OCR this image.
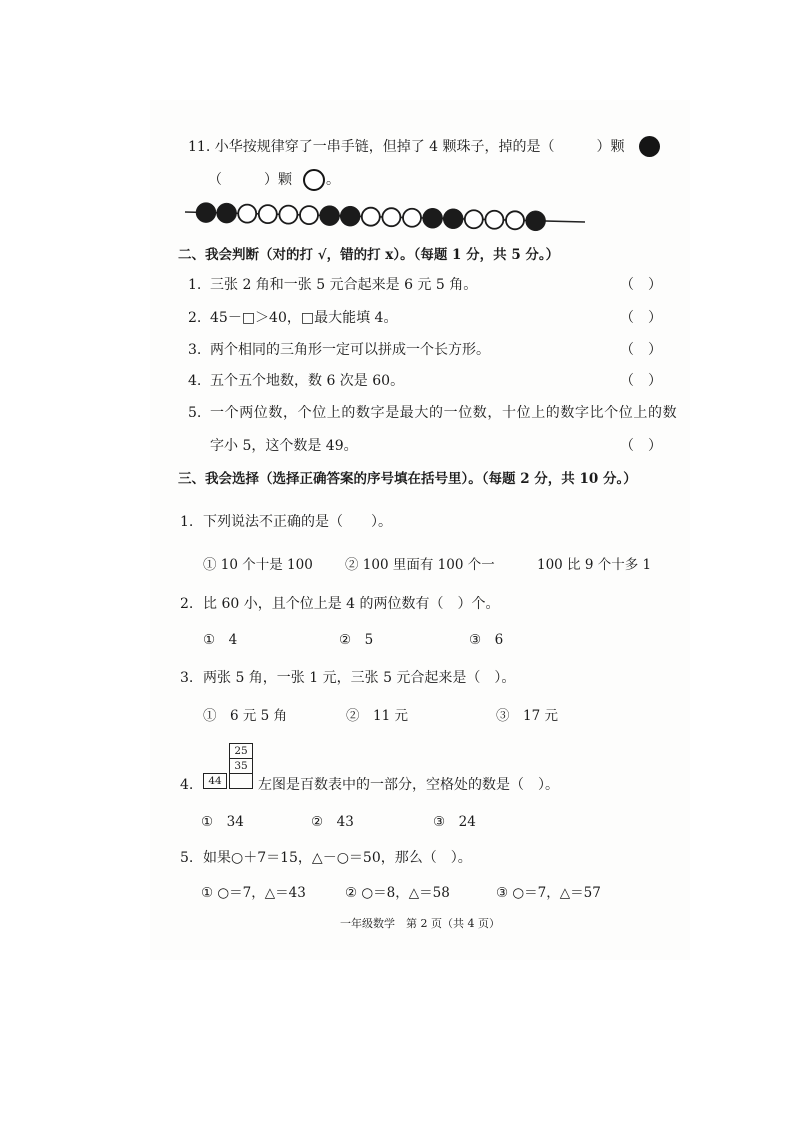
11. 小华按规律穿了一串手链，但掉了 4 颗珠子，掉的是（　　　）颗
（　　　）颗 。
二、我会判断（对的打 √，错的打 x）。（每题 1 分，共 5 分。）
1. 三张 2 角和一张 5 元合起来是 6 元 5 角。	（　）
2. 45－□＞40，□最大能填 4。	（　）
3. 两个相同的三角形一定可以拼成一个长方形。	（　）
4. 五个五个地数，数 6 次是 60。	（　）
5. 一个两位数，个位上的数字是最大的一位数，十位上的数字比个位上的数
字小 5，这个数是 49。	（　）
三、我会选择（选择正确答案的序号填在括号里）。（每题 2 分，共 10 分。）
1. 下列说法不正确的是（　　）。
① 10 个十是 100 ② 100 里面有 100 个一	100 比 9 个十多 1
2. 比 60 小，且个位上是 4 的两位数有（　）个。
①　4	②　5	③　6
3. 两张 5 角，一张 1 元，三张 5 元合起来是（　）。
①　6 元 5 角	②　11 元	③　17 元
25
35
44
4.	左图是百数表中的一部分，空格处的数是（　）。
①　34	②　43	③　24
5. 如果○＋7＝15，△－○＝50，那么（　）。
① ○＝7，△＝43	② ○＝8，△＝58	③ ○＝7，△＝57
一年级数学　第 2 页（共 4 页）
